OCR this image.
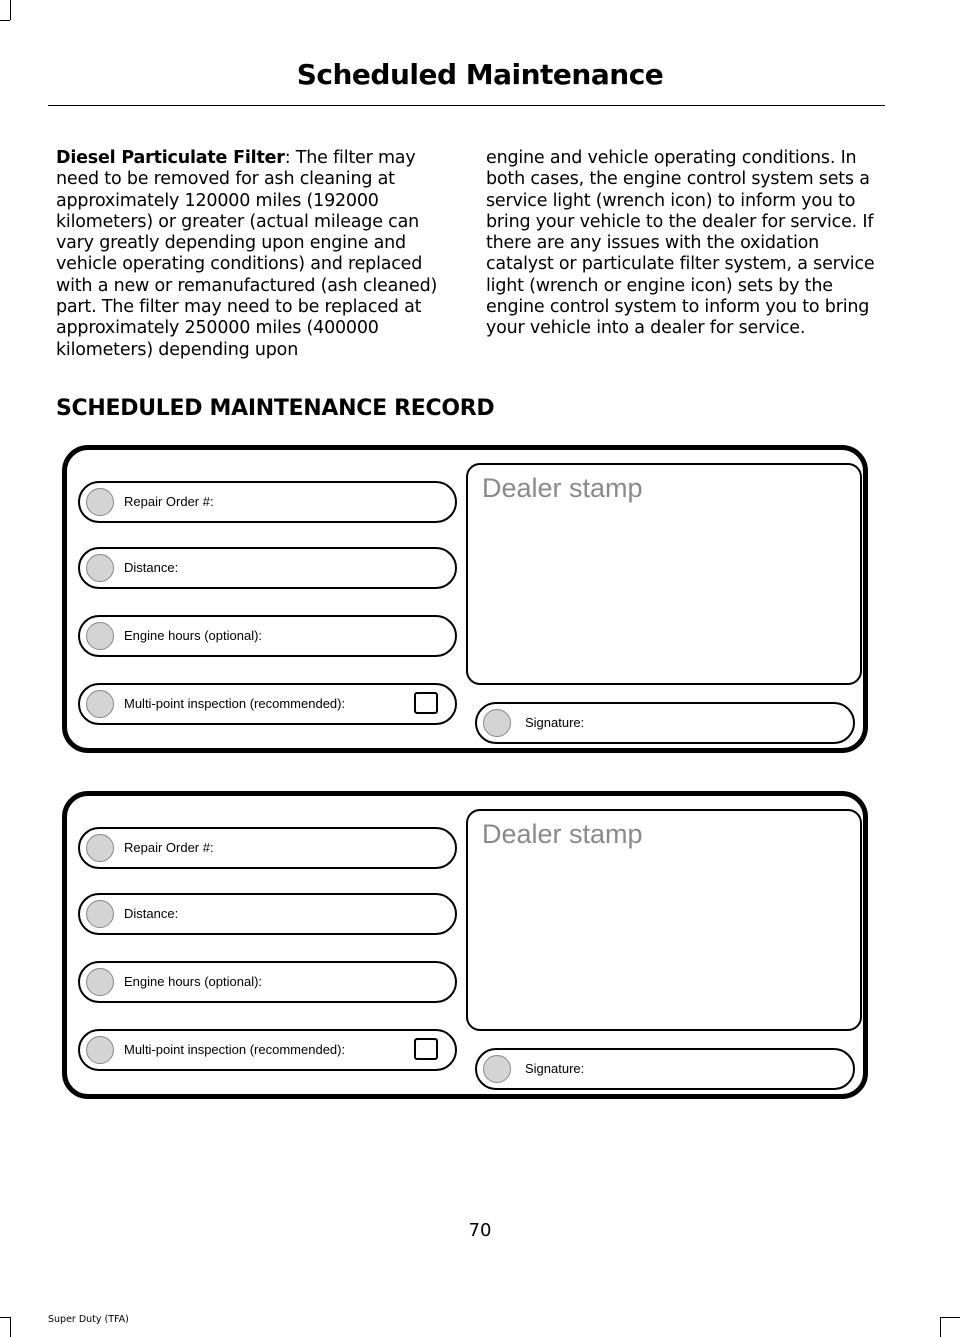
Scheduled Maintenance
Diesel Particulate Filter: The filter may need to be removed for ash cleaning at approximately 120000 miles (192000 kilometers) or greater (actual mileage can vary greatly depending upon engine and vehicle operating conditions) and replaced with a new or remanufactured (ash cleaned) part. The filter may need to be replaced at approximately 250000 miles (400000 kilometers) depending upon
engine and vehicle operating conditions. In both cases, the engine control system sets a service light (wrench icon) to inform you to bring your vehicle to the dealer for service. If there are any issues with the oxidation catalyst or particulate filter system, a service light (wrench or engine icon) sets by the engine control system to inform you to bring your vehicle into a dealer for service.
SCHEDULED MAINTENANCE RECORD
Repair Order #:
Distance:
Engine hours (optional):
Multi-point inspection (recommended):
Dealer stamp
Signature:
Repair Order #:
Distance:
Engine hours (optional):
Multi-point inspection (recommended):
Dealer stamp
Signature:
70
Super Duty (TFA)
